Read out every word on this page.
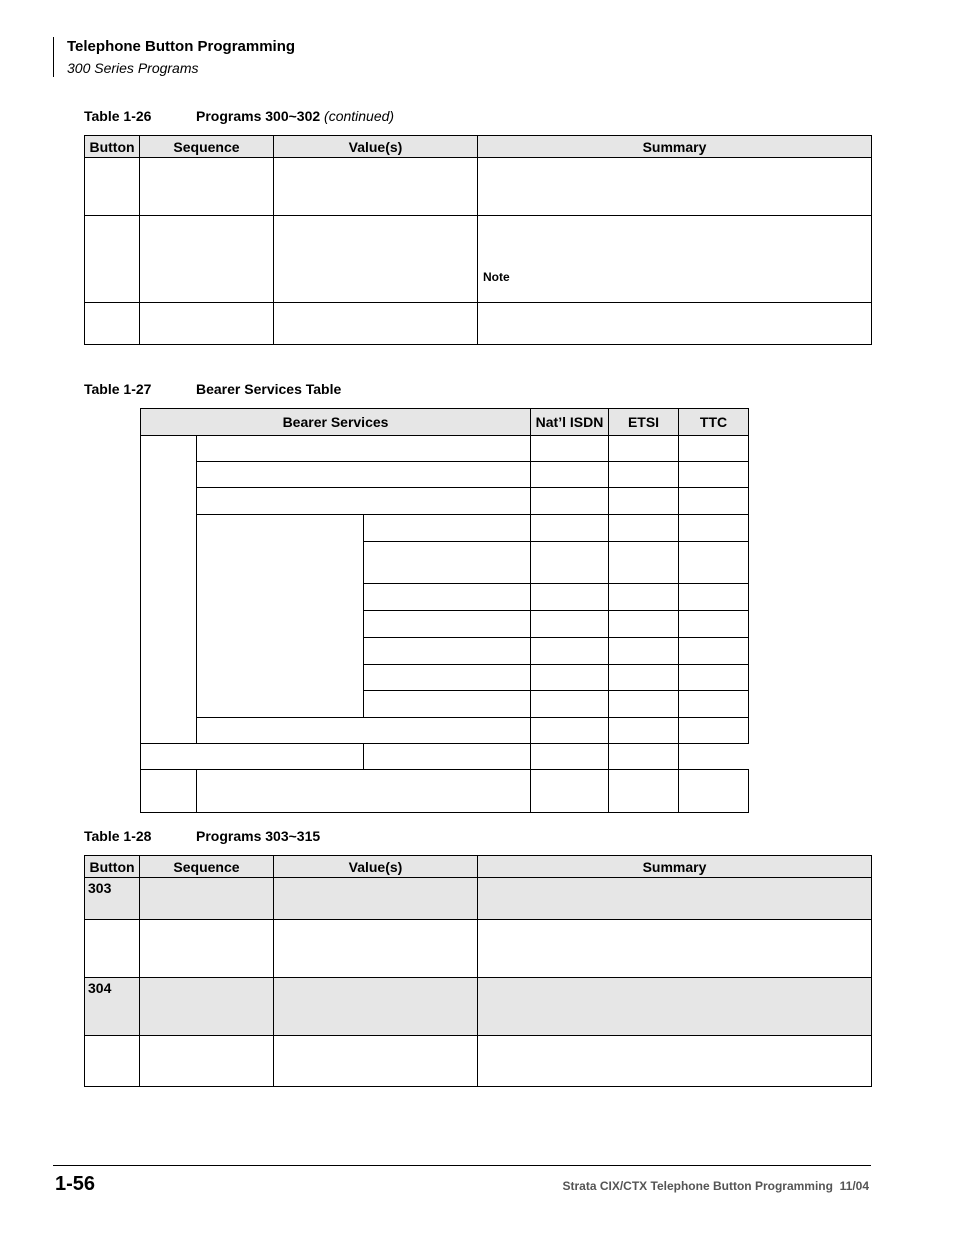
Telephone Button Programming
300 Series Programs
Table 1-26	Programs 300~302 (continued)
Button	Sequence	Value(s)	Summary

			Note

Table 1-27	Bearer Services Table
Bearer Services			Nat’l ISDN	ETSI	TTC

Table 1-28	Programs 303~315
Button	Sequence	Value(s)	Summary
303			

304			

1-56	Strata CIX/CTX Telephone Button Programming  11/04
